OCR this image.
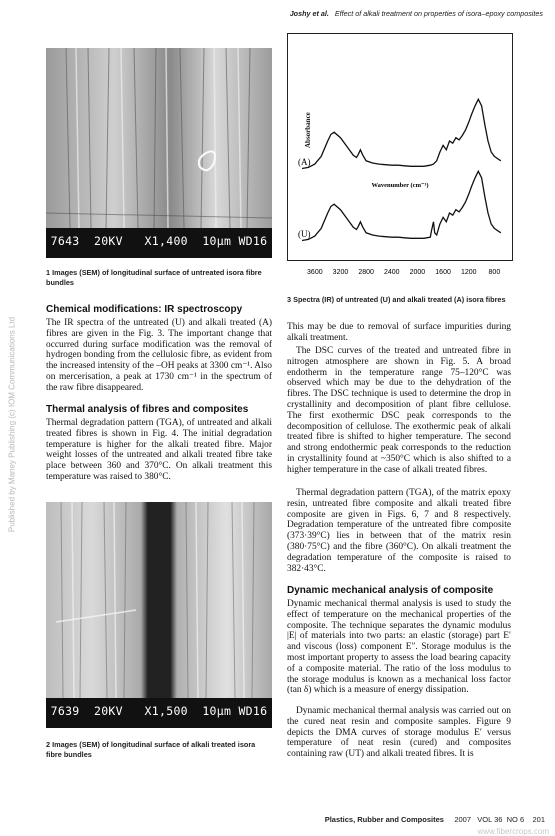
Joshy et al. Effect of alkali treatment on properties of isora–epoxy composites
Published by Maney Publishing (c) IOM Communications Ltd
7643  20KV   X1,400  10μm WD16
1 Images (SEM) of longitudinal surface of untreated isora fibre bundles
Absorbance
(A)
(U)
Wavenumber (cm⁻¹)
3600 3200 2800 2400 2000 1600 1200 800
3 Spectra (IR) of untreated (U) and alkali treated (A) isora fibres
Chemical modifications: IR spectroscopy

The IR spectra of the untreated (U) and alkali treated (A) fibres are given in the Fig. 3. The important change that occurred during surface modification was the removal of hydrogen bonding from the cellulosic fibre, as evident from the increased intensity of the –OH peaks at 3300 cm⁻¹. Also on mercerisation, a peak at 1730 cm⁻¹ in the spectrum of the raw fibre disappeared.

Thermal analysis of fibres and composites

Thermal degradation pattern (TGA), of untreated and alkali treated fibres is shown in Fig. 4. The initial degradation temperature is higher for the alkali treated fibre. Major weight losses of the untreated and alkali treated fibre take place between 360 and 370°C. On alkali treatment this temperature was raised to 380°C.

7639  20KV   X1,500  10μm WD16
2 Images (SEM) of longitudinal surface of alkali treated isora fibre bundles

This may be due to removal of surface impurities during alkali treatment.

The DSC curves of the treated and untreated fibre in nitrogen atmosphere are shown in Fig. 5. A broad endotherm in the temperature range 75–120°C was observed which may be due to the dehydration of the fibres. The DSC technique is used to determine the drop in crystallinity and decomposition of plant fibre cellulose. The first exothermic DSC peak corresponds to the decomposition of cellulose. The exothermic peak of alkali treated fibre is shifted to higher temperature. The second and strong endothermic peak corresponds to the reduction in crystallinity found at ~350°C which is also shifted to a higher temperature in the case of alkali treated fibres.

Thermal degradation pattern (TGA), of the matrix epoxy resin, untreated fibre composite and alkali treated fibre composite are given in Figs. 6, 7 and 8 respectively. Degradation temperature of the untreated fibre composite (373·39°C) lies in between that of the matrix resin (380·75°C) and the fibre (360°C). On alkali treatment the degradation temperature of the composite is raised to 382·43°C.

Dynamic mechanical analysis of composite

Dynamic mechanical thermal analysis is used to study the effect of temperature on the mechanical properties of the composite. The technique separates the dynamic modulus |E| of materials into two parts: an elastic (storage) part E′ and viscous (loss) component E″. Storage modulus is the most important property to assess the load bearing capacity of a composite material. The ratio of the loss modulus to the storage modulus is known as a mechanical loss factor (tan δ) which is a measure of energy dissipation.

Dynamic mechanical thermal analysis was carried out on the cured neat resin and composite samples. Figure 9 depicts the DMA curves of storage modulus E′ versus temperature of neat resin (cured) and composites containing raw (UT) and alkali treated fibres. It is

Plastics, Rubber and Composites 2007 VOL 36 NO 6 201
www.fibercrops.com
